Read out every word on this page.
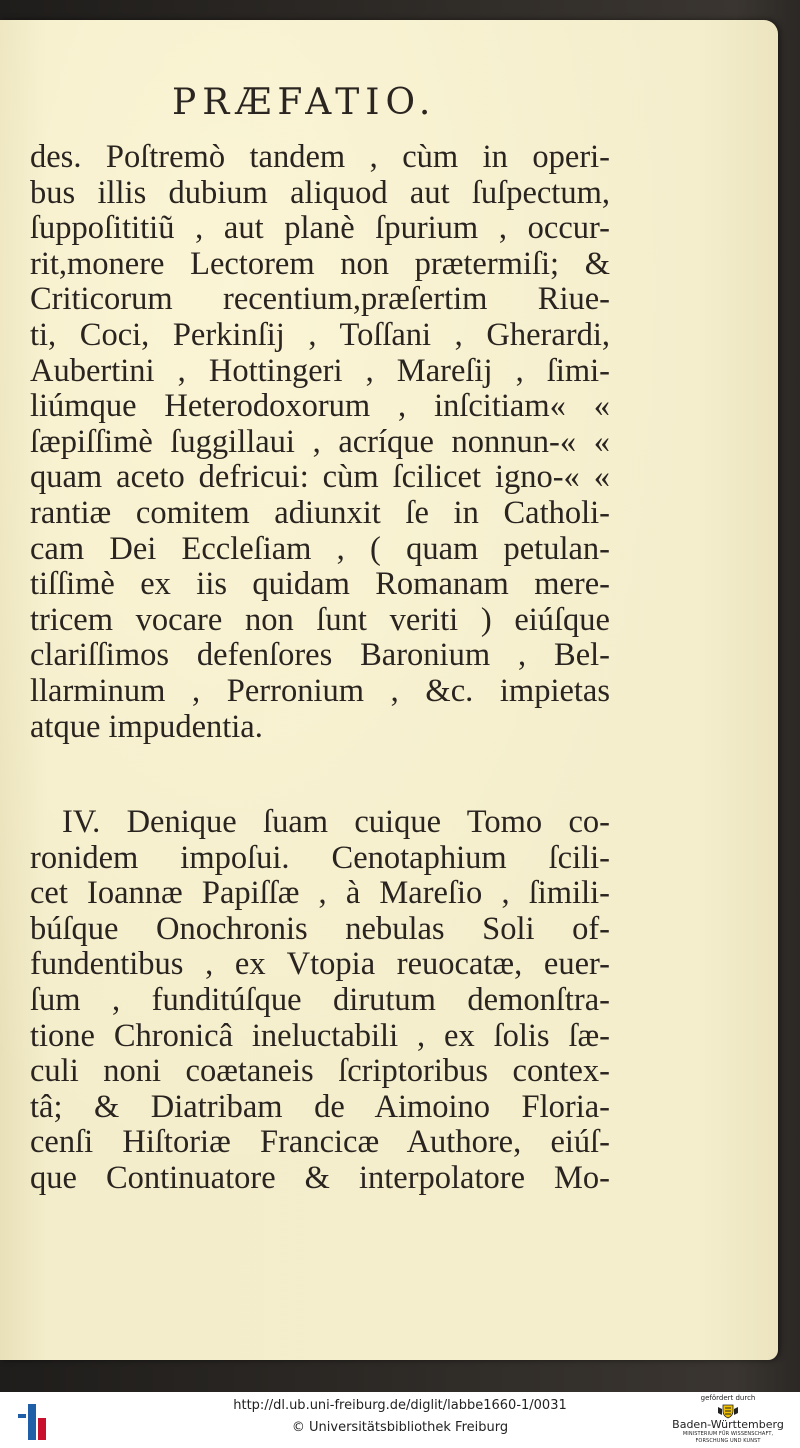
PRÆFATIO.
des. Poſtremò tandem , cùm in operi-
bus illis dubium aliquod aut ſuſpectum,
ſuppoſititiũ , aut planè ſpurium , occur-
rit,monere Lectorem non prætermiſi; &
Criticorum recentium,præſertim Riue-
ti, Coci, Perkinſij , Toſſani , Gherardi,
Aubertini , Hottingeri , Mareſij , ſimi-
liúmque Heterodoxorum , inſcitiam« «
ſæpiſſimè ſuggillaui , acríque nonnun-« «
quam aceto defricui: cùm ſcilicet igno-« «
rantiæ comitem adiunxit ſe in Catholi-
cam Dei Eccleſiam , ( quam petulan-
tiſſimè ex iis quidam Romanam mere-
tricem vocare non ſunt veriti ) eiúſque
clariſſimos defenſores Baronium , Bel-
llarminum , Perronium , &c. impietas
atque impudentia.
IV. Denique ſuam cuique Tomo co-
ronidem impoſui. Cenotaphium ſcili-
cet Ioannæ Papiſſæ , à Mareſio , ſimili-
búſque Onochronis nebulas Soli of-
fundentibus , ex Vtopia reuocatæ, euer-
ſum , funditúſque dirutum demonſtra-
tione Chronicâ ineluctabili , ex ſolis ſæ-
culi noni coætaneis ſcriptoribus contex-
tâ; & Diatribam de Aimoino Floria-
cenſi Hiſtoriæ Francicæ Authore, eiúſ-
que Continuatore & interpolatore Mo-
http://dl.ub.uni-freiburg.de/diglit/labbe1660-1/0031
© Universitätsbibliothek Freiburg
gefördert durch
Baden-Württemberg
MINISTERIUM FÜR WISSENSCHAFT, FORSCHUNG UND KUNST
